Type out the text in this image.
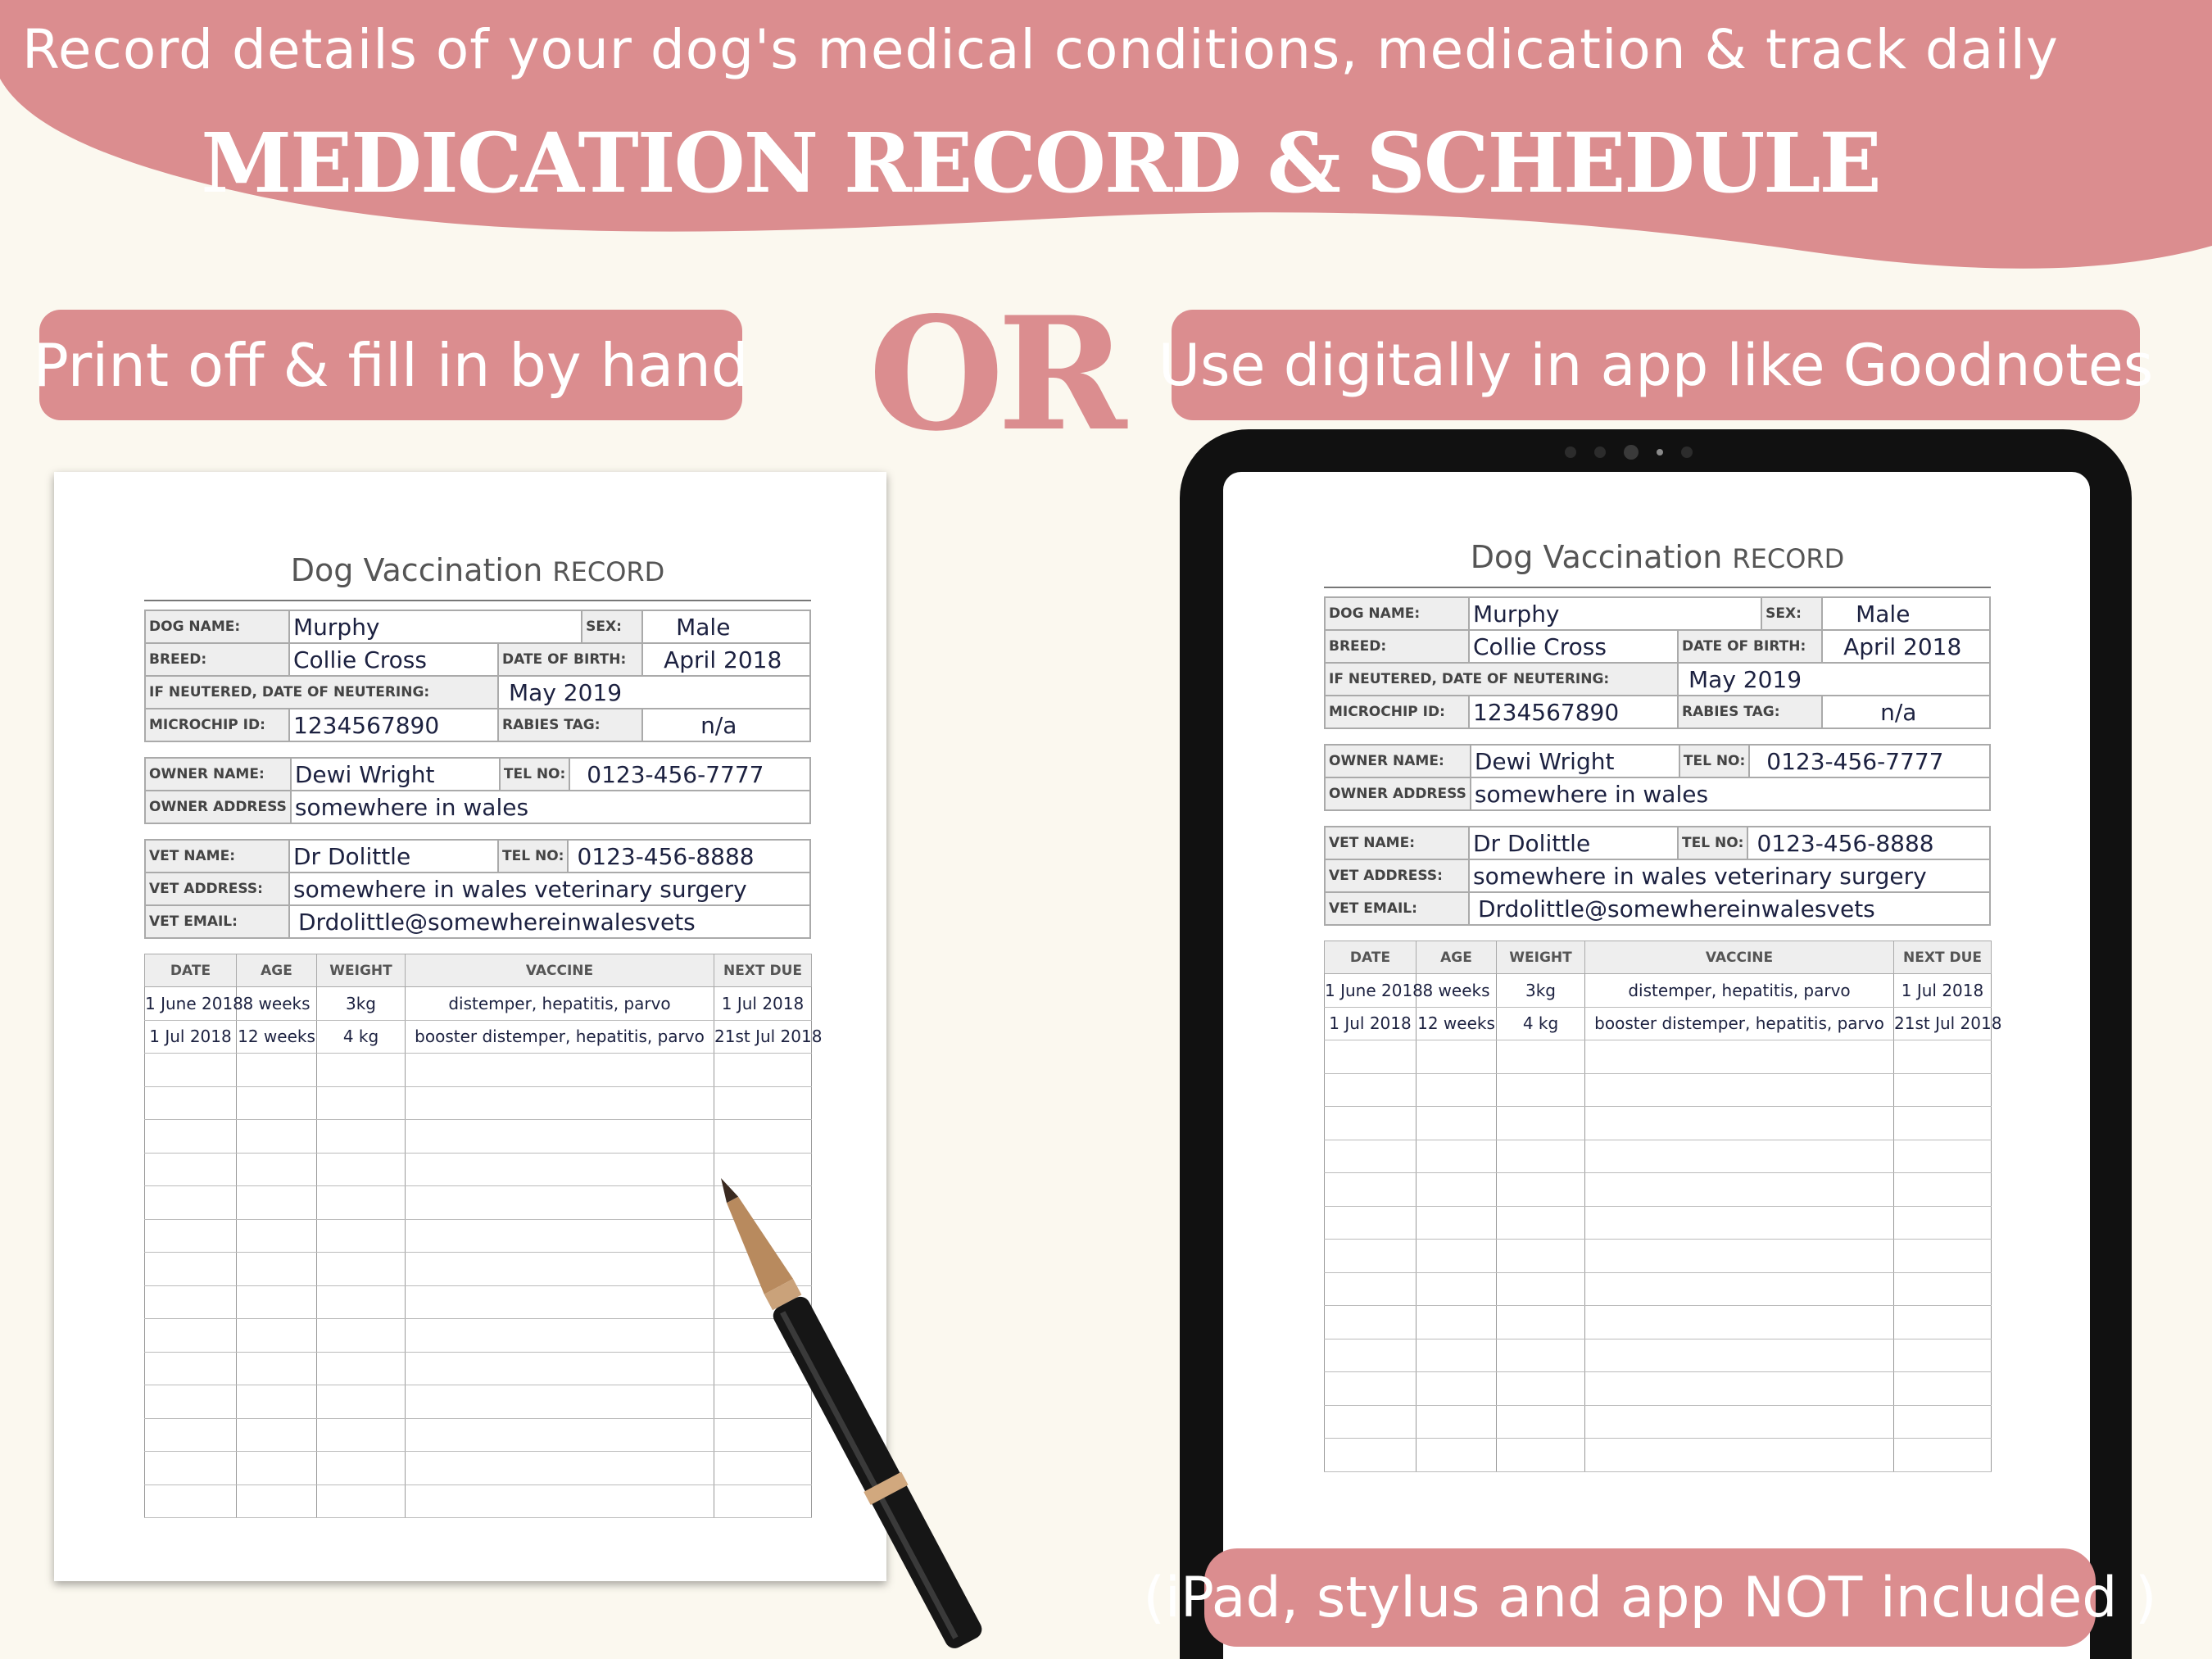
Record details of your dog's medical conditions, medication & track daily
MEDICATION RECORD & SCHEDULE
Print off & fill in by hand OR Use digitally in app like Goodnotes
Dog Vaccination RECORD
DOG NAME:	Murphy		SEX:	Male
BREED:	Collie Cross	DATE OF BIRTH:		April 2018
IF NEUTERED, DATE OF NEUTERING:		May 2019		
MICROCHIP ID:	1234567890	RABIES TAG:		n/a
OWNER NAME:	Dewi Wright	TEL NO:	0123-456-7777
OWNER ADDRESS	somewhere in wales		
VET NAME:	Dr Dolittle	TEL NO:	0123-456-8888
VET ADDRESS:	somewhere in wales veterinary surgery		
VET EMAIL:	Drdolittle@somewhereinwalesvets		
DATE	AGE	WEIGHT	VACCINE	NEXT DUE
1 June 2018	8 weeks	3kg	distemper, hepatitis, parvo	1 Jul 2018
1 Jul 2018	12 weeks	4 kg	booster distemper, hepatitis, parvo	21st Jul 2018

Dog Vaccination RECORD
DOG NAME:	Murphy		SEX:	Male
BREED:	Collie Cross	DATE OF BIRTH:		April 2018
IF NEUTERED, DATE OF NEUTERING:		May 2019		
MICROCHIP ID:	1234567890	RABIES TAG:		n/a
OWNER NAME:	Dewi Wright	TEL NO:	0123-456-7777
OWNER ADDRESS	somewhere in wales		
VET NAME:	Dr Dolittle	TEL NO:	0123-456-8888
VET ADDRESS:	somewhere in wales veterinary surgery		
VET EMAIL:	Drdolittle@somewhereinwalesvets		
DATE	AGE	WEIGHT	VACCINE	NEXT DUE
1 June 2018	8 weeks	3kg	distemper, hepatitis, parvo	1 Jul 2018
1 Jul 2018	12 weeks	4 kg	booster distemper, hepatitis, parvo	21st Jul 2018

(iPad, stylus and app NOT included )
